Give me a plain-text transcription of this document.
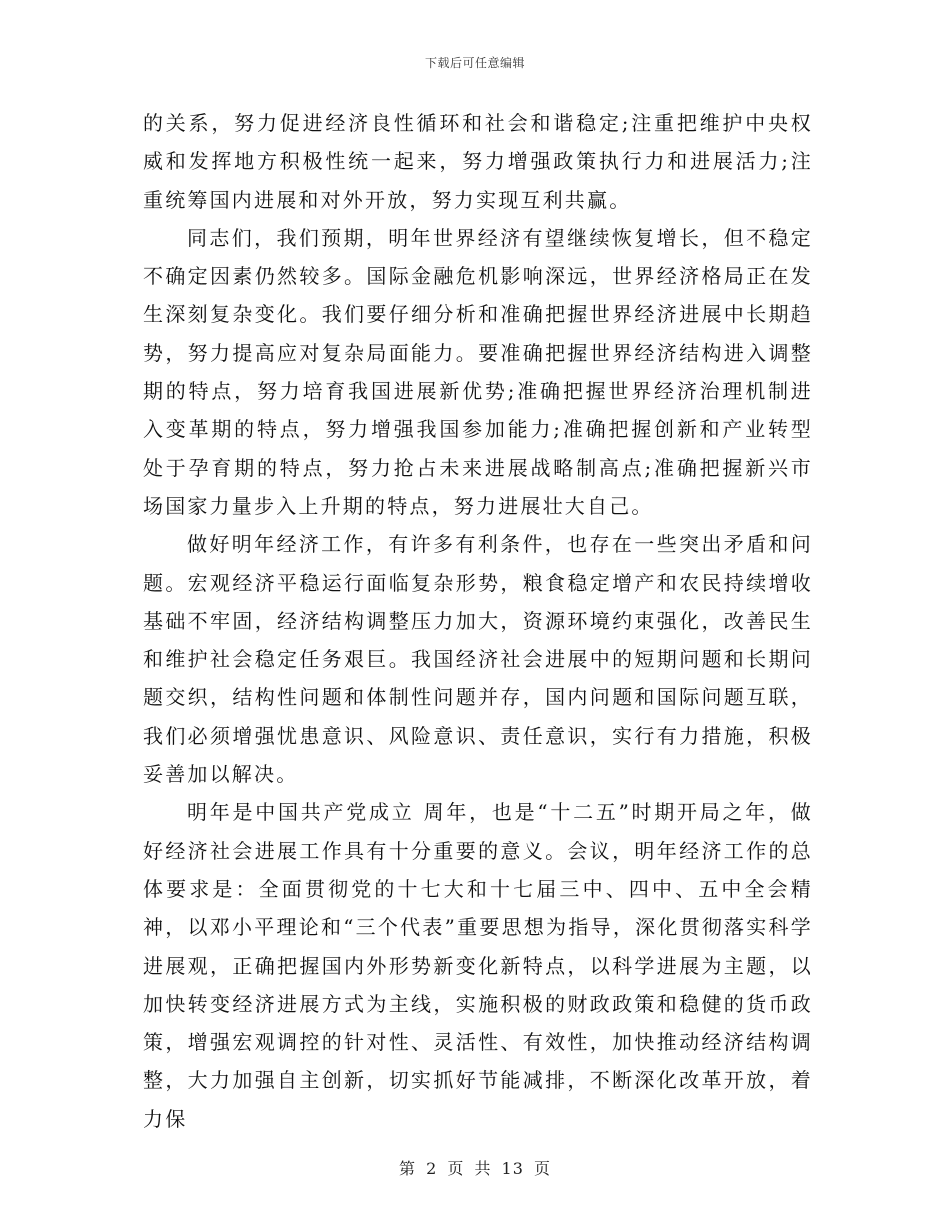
下载后可任意编辑

的关系，努力促进经济良性循环和社会和谐稳定;注重把维护中央权威和发挥地方积极性统一起来，努力增强政策执行力和进展活力;注重统筹国内进展和对外开放，努力实现互利共赢。

同志们，我们预期，明年世界经济有望继续恢复增长，但不稳定不确定因素仍然较多。国际金融危机影响深远，世界经济格局正在发生深刻复杂变化。我们要仔细分析和准确把握世界经济进展中长期趋势，努力提高应对复杂局面能力。要准确把握世界经济结构进入调整期的特点，努力培育我国进展新优势;准确把握世界经济治理机制进入变革期的特点，努力增强我国参加能力;准确把握创新和产业转型处于孕育期的特点，努力抢占未来进展战略制高点;准确把握新兴市场国家力量步入上升期的特点，努力进展壮大自己。

做好明年经济工作，有许多有利条件，也存在一些突出矛盾和问题。宏观经济平稳运行面临复杂形势，粮食稳定增产和农民持续增收基础不牢固，经济结构调整压力加大，资源环境约束强化，改善民生和维护社会稳定任务艰巨。我国经济社会进展中的短期问题和长期问题交织，结构性问题和体制性问题并存，国内问题和国际问题互联，我们必须增强忧患意识、风险意识、责任意识，实行有力措施，积极妥善加以解决。

明年是中国共产党成立 周年，也是“十二五”时期开局之年，做好经济社会进展工作具有十分重要的意义。会议，明年经济工作的总体要求是：全面贯彻党的十七大和十七届三中、四中、五中全会精神，以邓小平理论和“三个代表”重要思想为指导，深化贯彻落实科学进展观，正确把握国内外形势新变化新特点，以科学进展为主题，以加快转变经济进展方式为主线，实施积极的财政政策和稳健的货币政策，增强宏观调控的针对性、灵活性、有效性，加快推动经济结构调整，大力加强自主创新，切实抓好节能减排，不断深化改革开放，着力保

第 2 页 共 13 页
